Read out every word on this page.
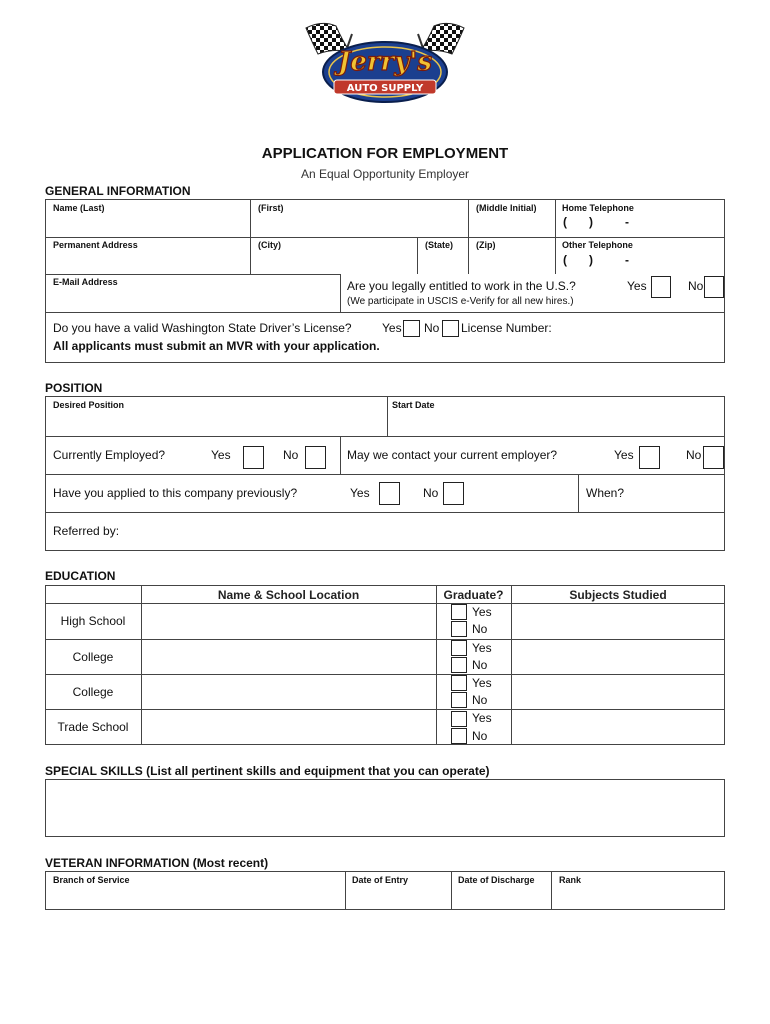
Jerry's
AUTO SUPPLY
APPLICATION FOR EMPLOYMENT
An Equal Opportunity Employer
GENERAL INFORMATION
Name (Last)	(First)	(Middle Initial)	Home Telephone
( )	-
Permanent Address	(City)	(State)	(Zip)	Other Telephone
( )	-
E-Mail Address	Are you legally entitled to work in the U.S.?
(We participate in USCIS e-Verify for all new hires.)
Yes	No
Do you have a valid Washington State Driver’s License?	Yes No License Number:
All applicants must submit an MVR with your application.
POSITION
Desired Position	Start Date
Currently Employed?	Yes	No	May we contact your current employer?	Yes	No
Have you applied to this company previously?	Yes	No	When?
Referred by:
EDUCATION
Name & School Location	Graduate?	Subjects Studied
High School
Yes
No
College
Yes
No
College
Yes
No
Trade School
Yes
No
SPECIAL SKILLS (List all pertinent skills and equipment that you can operate)
VETERAN INFORMATION (Most recent)
Branch of Service	Date of Entry	Date of Discharge	Rank
